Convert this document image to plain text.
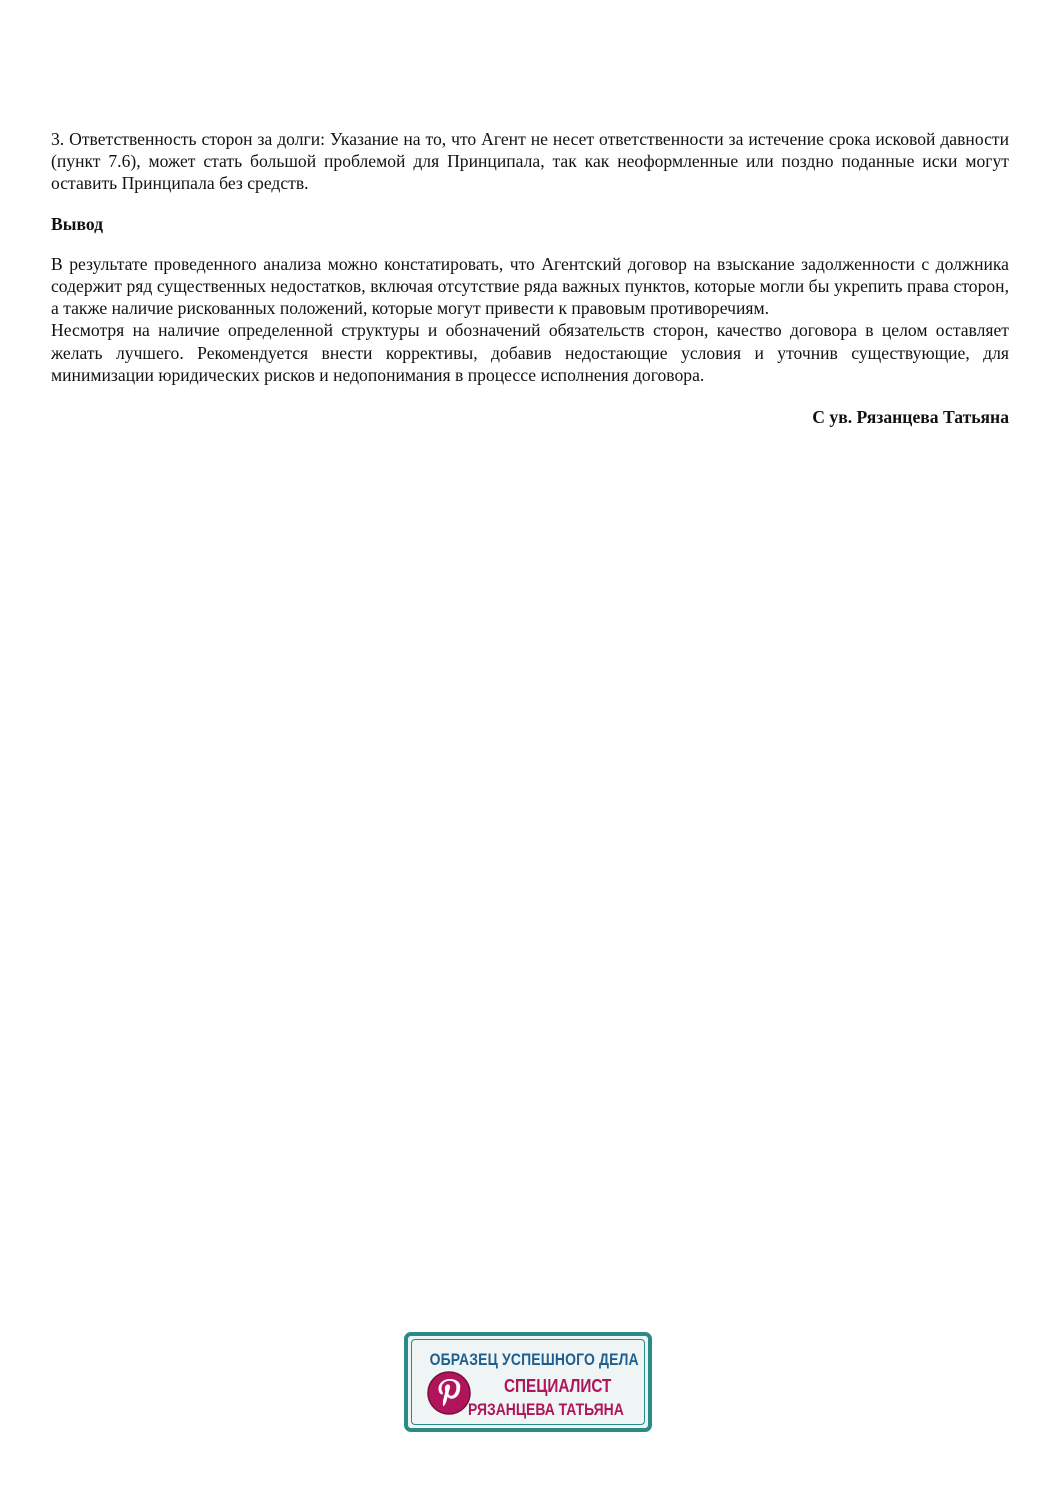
3. Ответственность сторон за долги: Указание на то, что Агент не несет ответственности за истечение срока исковой давности (пункт 7.6), может стать большой проблемой для Принципала, так как неоформленные или поздно поданные иски могут оставить Принципала без средств.

Вывод

В результате проведенного анализа можно констатировать, что Агентский договор на взыскание задолженности с должника содержит ряд существенных недостатков, включая отсутствие ряда важных пунктов, которые могли бы укрепить права сторон, а также наличие рискованных положений, которые могут привести к правовым противоречиям.

Несмотря на наличие определенной структуры и обозначений обязательств сторон, качество договора в целом оставляет желать лучшего. Рекомендуется внести коррективы, добавив недостающие условия и уточнив существующие, для минимизации юридических рисков и недопонимания в процессе исполнения договора.

С ув. Рязанцева Татьяна

ОБРАЗЕЦ УСПЕШНОГО ДЕЛА
СПЕЦИАЛИСТ
РЯЗАНЦЕВА ТАТЬЯНА
